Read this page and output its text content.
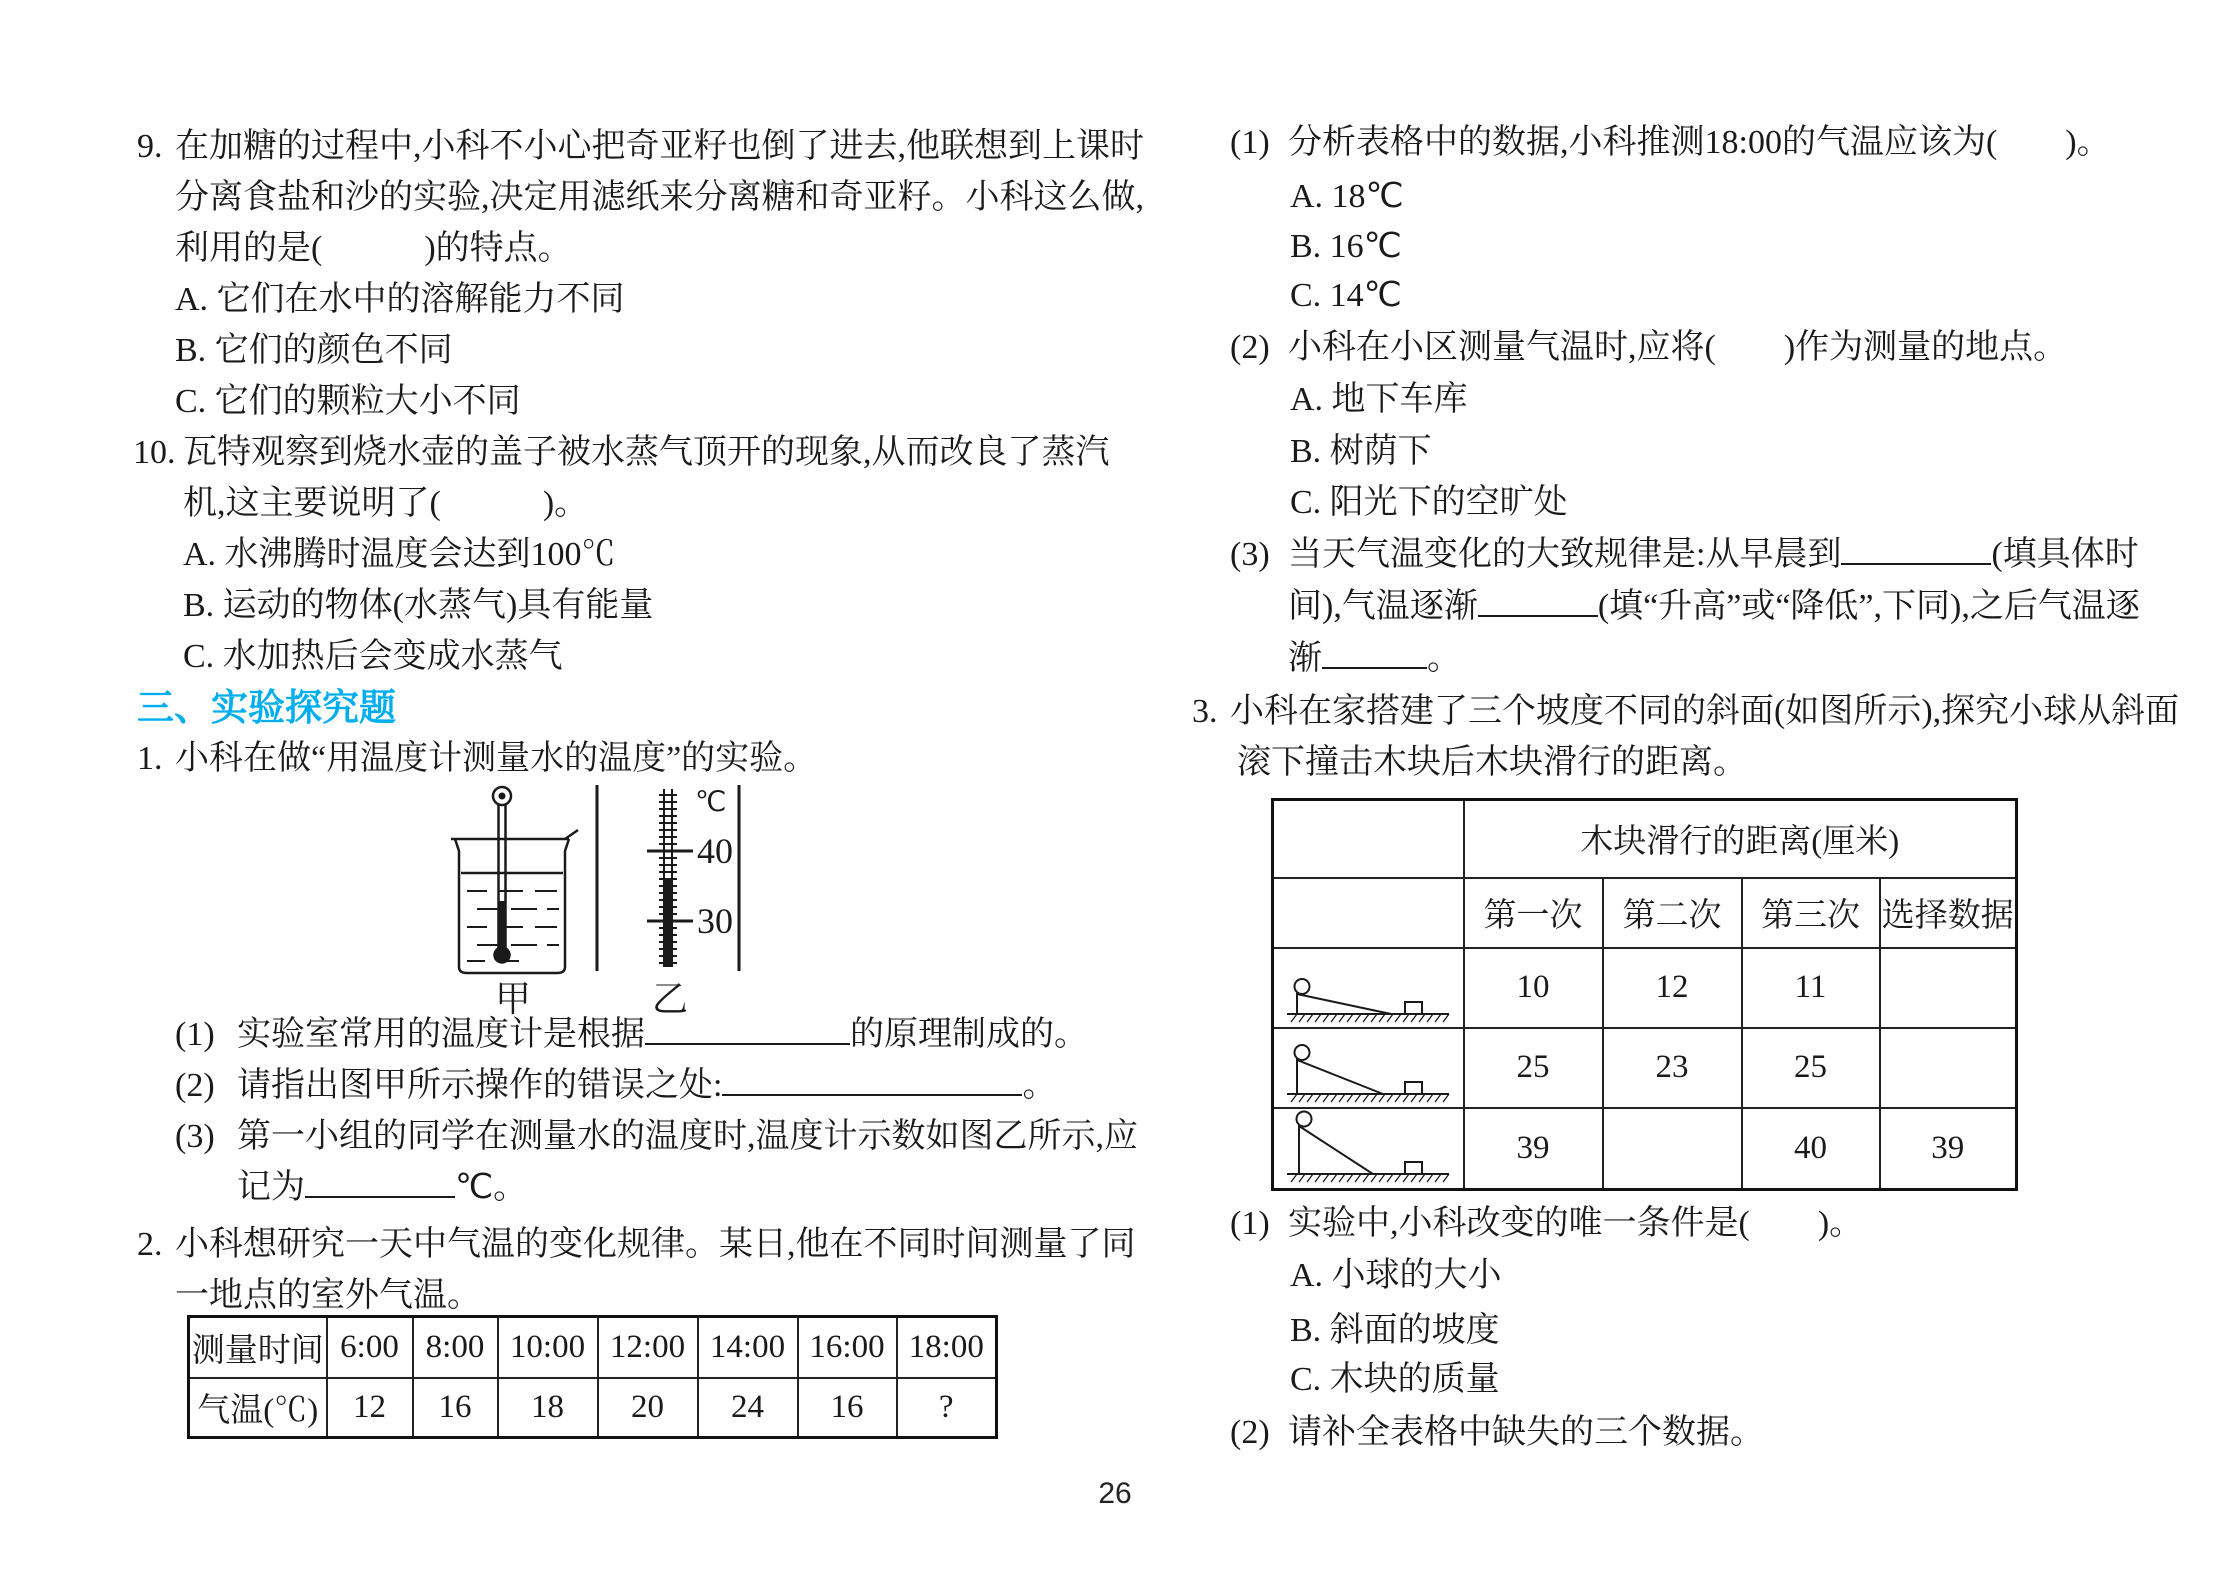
9. 在加糖的过程中,小科不小心把奇亚籽也倒了进去,他联想到上课时
分离食盐和沙的实验,决定用滤纸来分离糖和奇亚籽。小科这么做,
利用的是(　　　)的特点。
A. 它们在水中的溶解能力不同
B. 它们的颜色不同
C. 它们的颗粒大小不同
10. 瓦特观察到烧水壶的盖子被水蒸气顶开的现象,从而改良了蒸汽
机,这主要说明了(　　　)。
A. 水沸腾时温度会达到100℃
B. 运动的物体(水蒸气)具有能量
C. 水加热后会变成水蒸气
三、实验探究题
1. 小科在做“用温度计测量水的温度”的实验。
℃
40
30
甲	乙
(1) 实验室常用的温度计是根据	的原理制成的。
(2) 请指出图甲所示操作的错误之处:	。
(3) 第一小组的同学在测量水的温度时,温度计示数如图乙所示,应
记为	℃。
2. 小科想研究一天中气温的变化规律。某日,他在不同时间测量了同
一地点的室外气温。
测量时间	6:00	8:00	10:00	12:00	14:00	16:00	18:00
气温(℃)	12	16	18	20	24	16	?
(1) 分析表格中的数据,小科推测18:00的气温应该为(　　)。
A. 18℃
B. 16℃
C. 14℃
(2) 小科在小区测量气温时,应将(　　)作为测量的地点。
A. 地下车库
B. 树荫下
C. 阳光下的空旷处
(3) 当天气温变化的大致规律是:从早晨到	(填具体时
间),气温逐渐	(填“升高”或“降低”,下同),之后气温逐
渐	。
3. 小科在家搭建了三个坡度不同的斜面(如图所示),探究小球从斜面
滚下撞击木块后木块滑行的距离。
	木块滑行的距离(厘米)			
	第一次	第二次	第三次	选择数据

	10	12	11	

	25	23	25	

	39		40	39
(1) 实验中,小科改变的唯一条件是(　　)。
A. 小球的大小
B. 斜面的坡度
C. 木块的质量
(2) 请补全表格中缺失的三个数据。
26
